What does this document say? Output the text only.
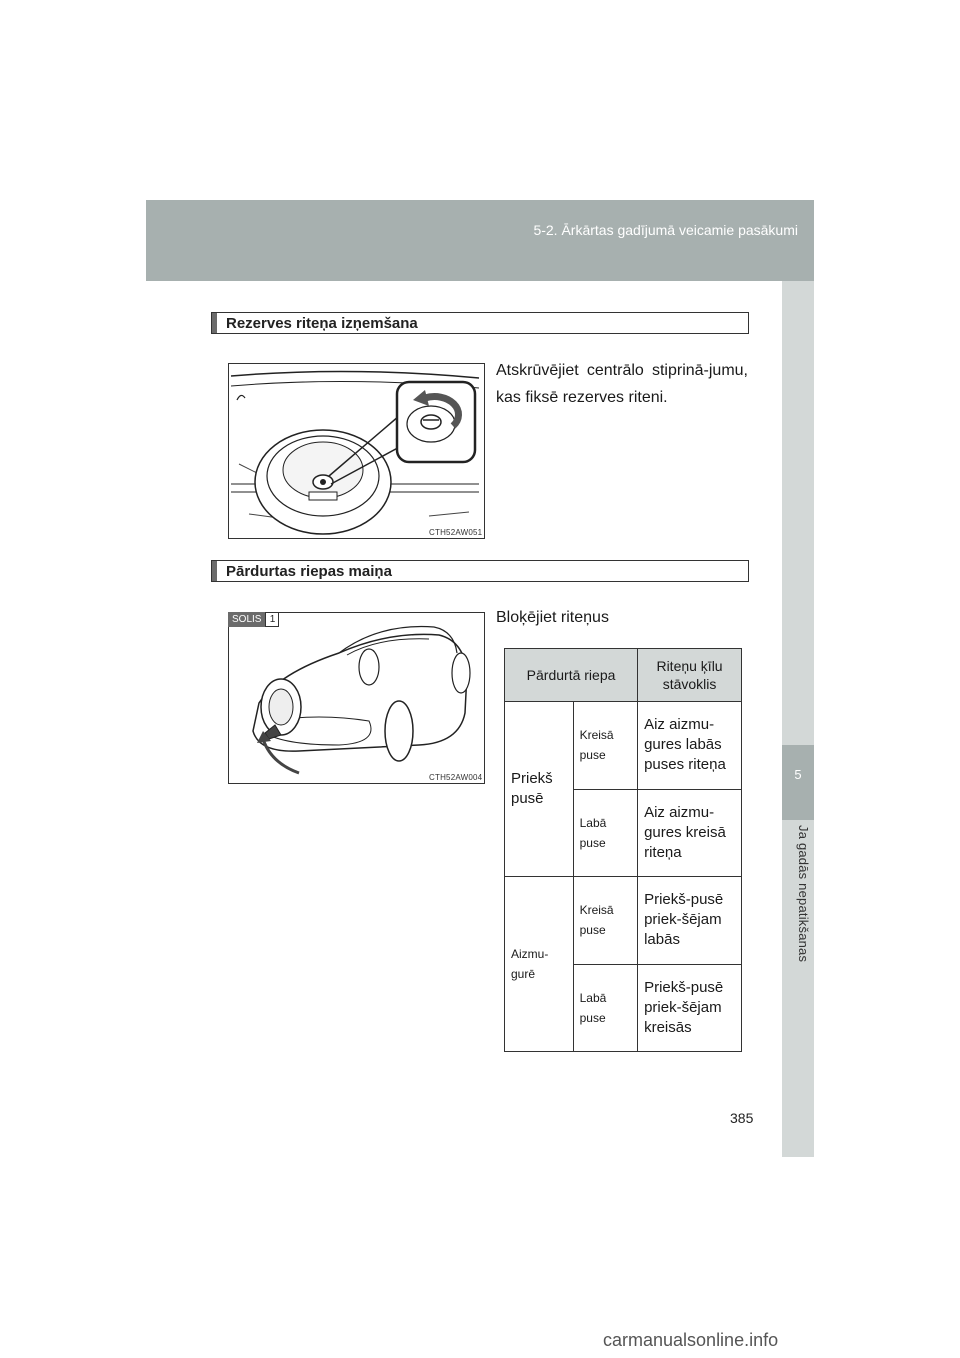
5-2. Ārkārtas gadījumā veicamie pasākumi
5
Ja gadās nepatikšanas
Rezerves riteņa izņemšana
CTH52AW051
Atskrūvējiet centrālo stiprinā-jumu, kas fiksē rezerves riteni.
Pārdurtas riepas maiņa
CTH52AW004
SOLIS 1	Bloķējiet riteņus
Pārdurtā riepa		Riteņu ķīlu stāvoklis
Priekš pusē	Kreisā puse	Aiz aizmu-gures labās puses riteņa
	Labā puse	Aiz aizmu-gures kreisā riteņa
Aizmu-gurē	Kreisā puse	Priekš-pusē priek-šējam labās
	Labā puse	Priekš-pusē priek-šējam kreisās
385
carmanualsonline.info
